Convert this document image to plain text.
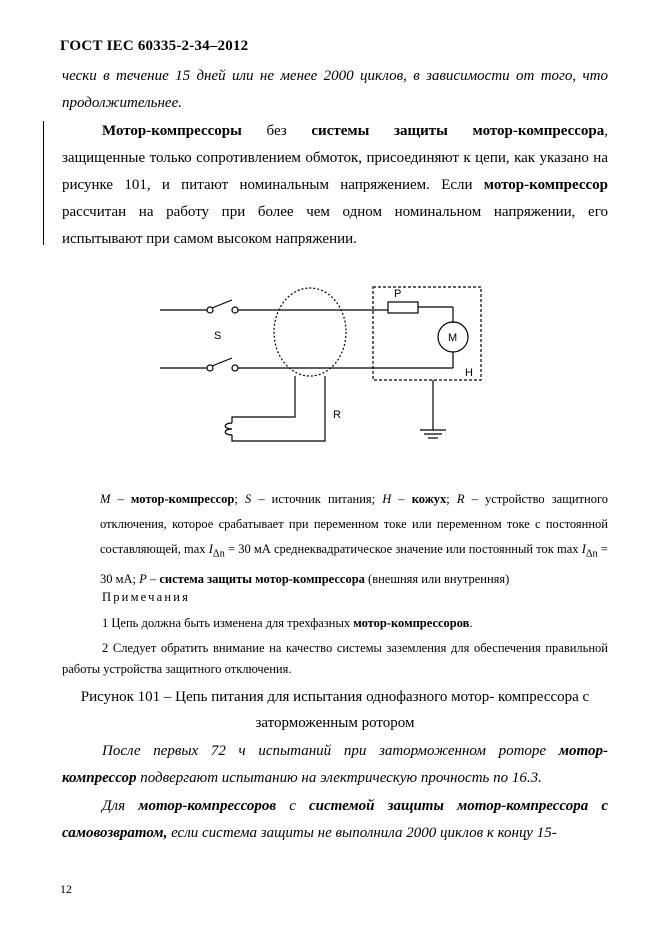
ГОСТ IEC 60335-2-34–2012
чески в течение 15 дней или не менее 2000 циклов, в зависимости от того, что продолжительнее.
Мотор-компрессоры без системы защиты мотор-компрессора, защищенные только сопротивлением обмоток, присоединяют к цепи, как указано на рисунке 101, и питают номинальным напряжением. Если мотор-компрессор рассчитан на работу при более чем одном номинальном напряжении, его испытывают при самом высоком напряжении.
S
P
M
H
R
M – мотор-компрессор; S – источник питания; H – кожух; R – устройство защитного отключения, которое срабатывает при переменном токе или переменном токе с постоянной составляющей, $\max I_{\Delta n} = 30$ мА среднеквадратическое значение или постоянный ток $\max I_{\Delta n} = 30$ мА; P – система защиты мотор-компрессора (внешняя или внутренняя)
Примечания
1 Цепь должна быть изменена для трехфазных мотор-компрессоров.
2 Следует обратить внимание на качество системы заземления для обеспечения правильной работы устройства защитного отключения.
Рисунок 101 – Цепь питания для испытания однофазного мотор- компрессора с заторможенным ротором
После первых 72 ч испытаний при заторможенном роторе мотор-компрессор подвергают испытанию на электрическую прочность по 16.3.
Для мотор-компрессоров с системой защиты мотор-компрессора с самовозвратом, если система защиты не выполнила 2000 циклов к концу 15-
12
